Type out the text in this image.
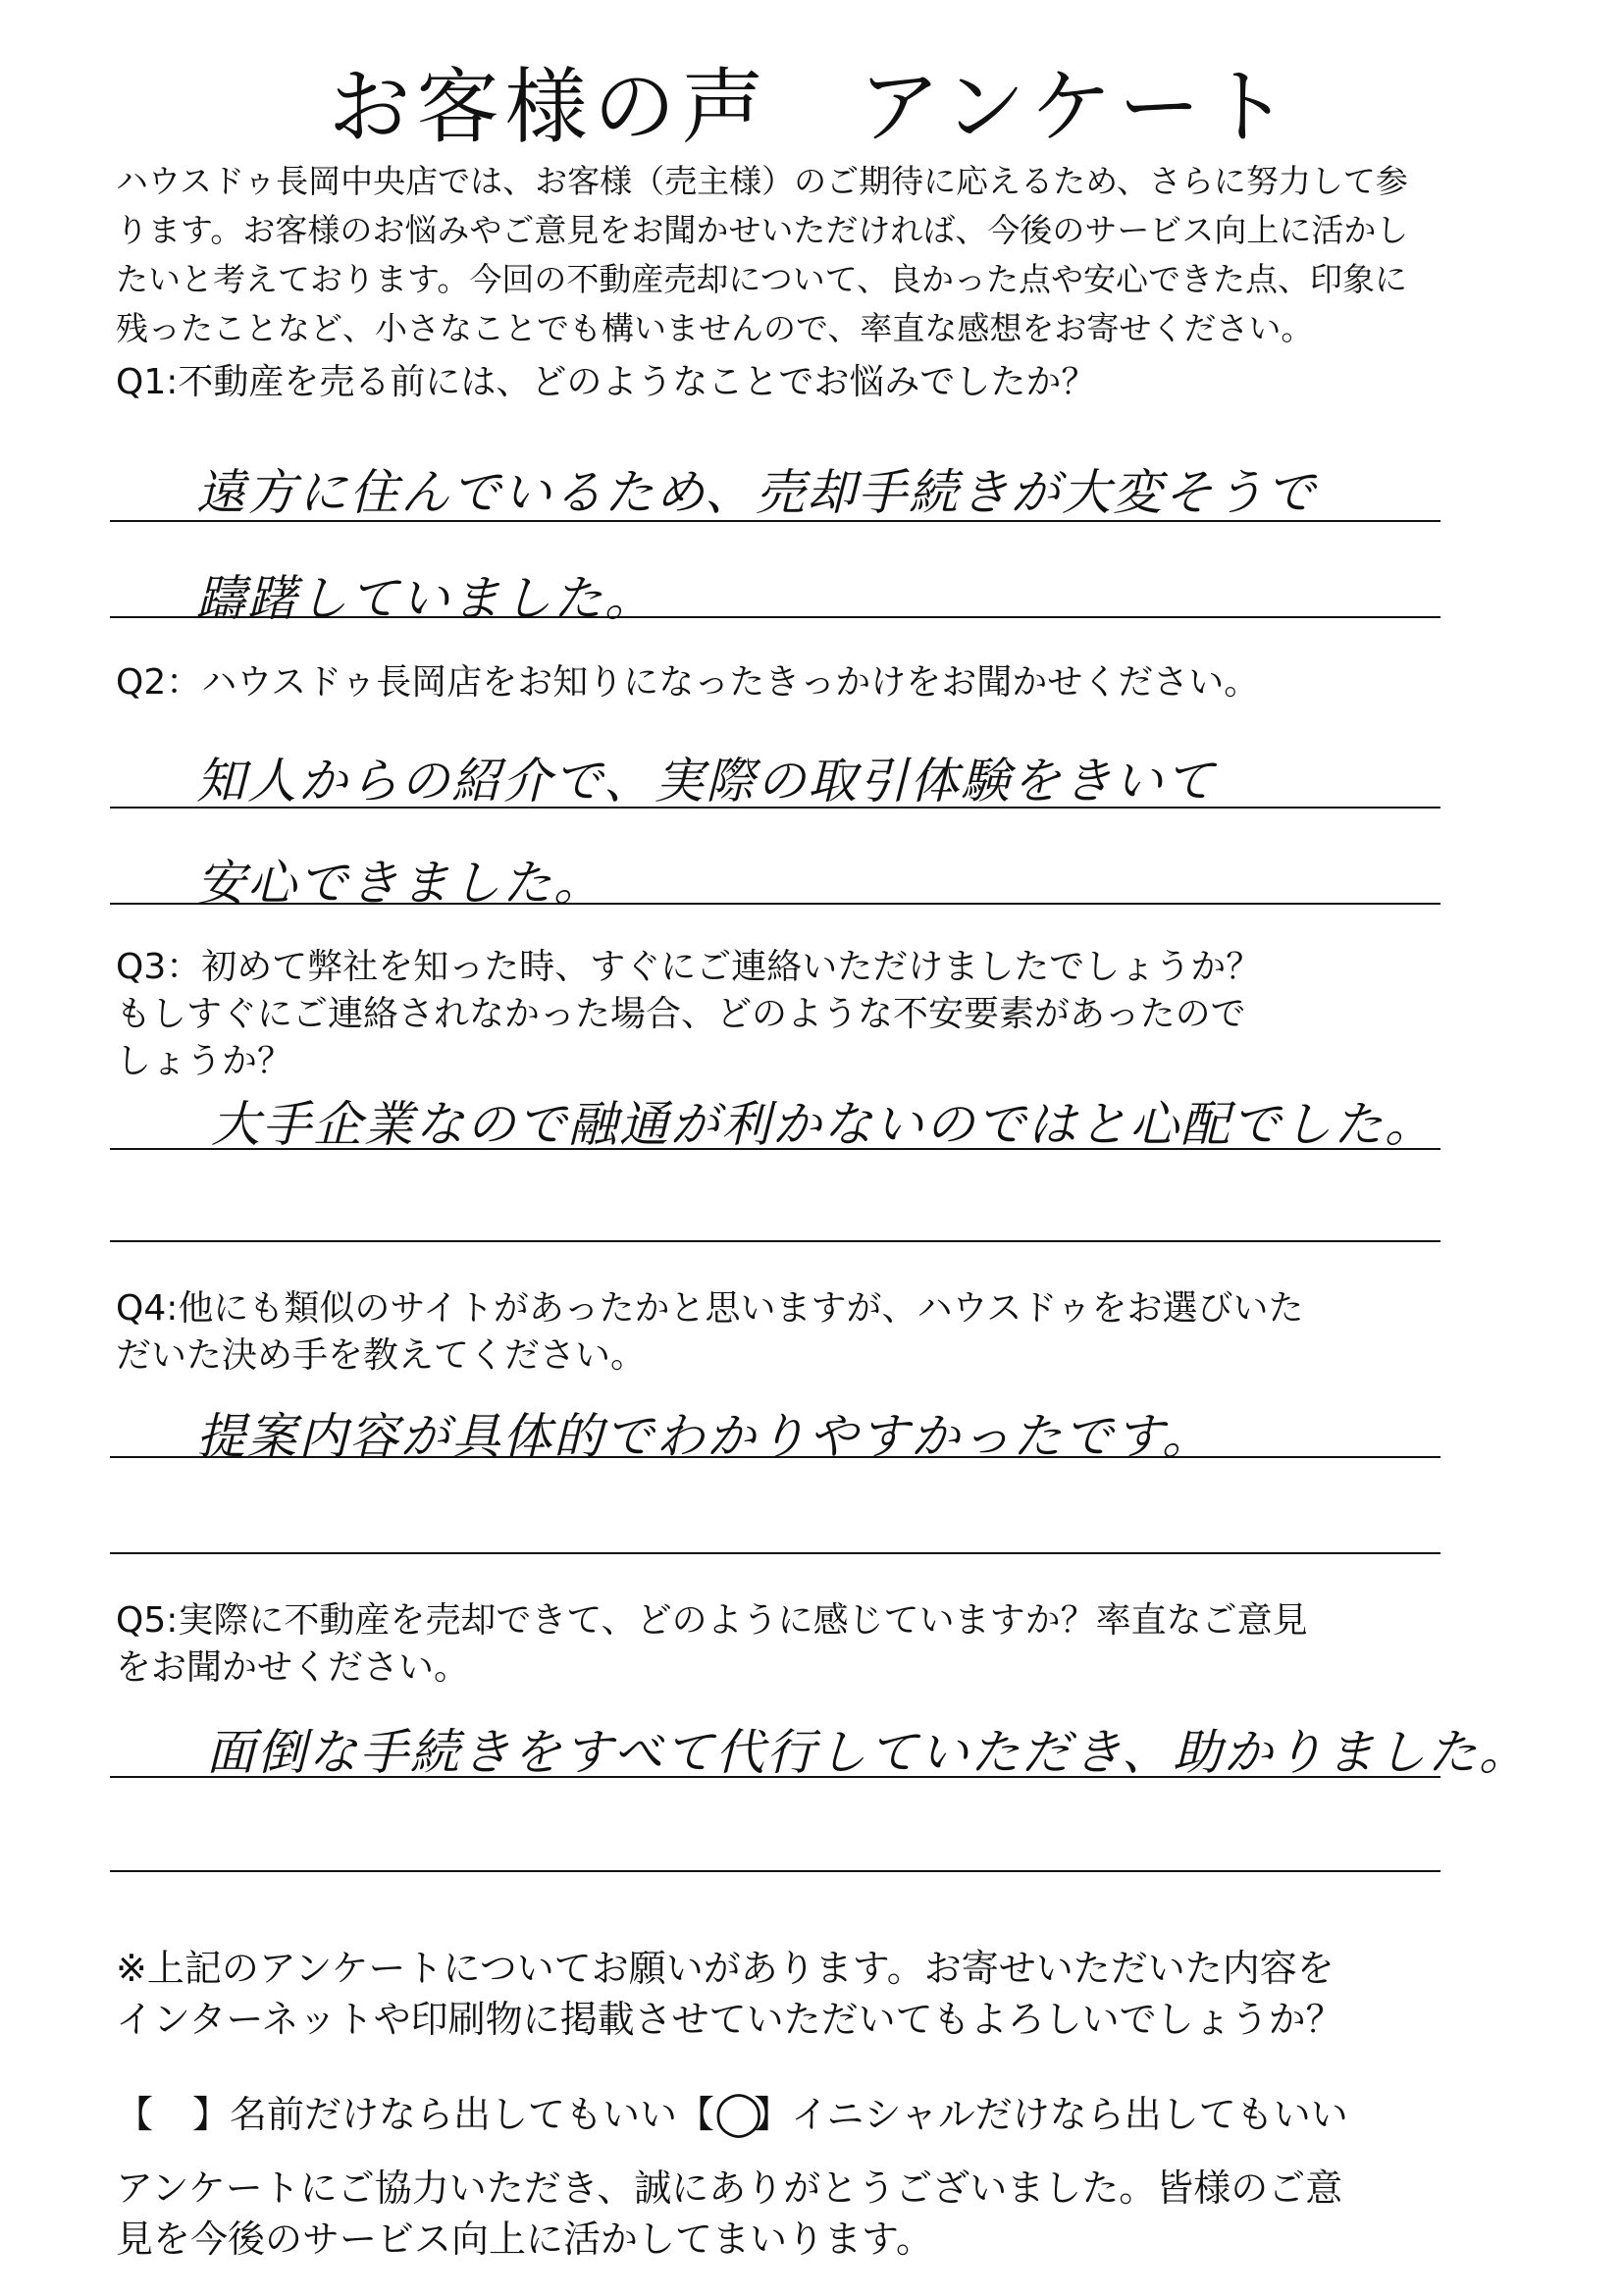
お客様の声　アンケート

ハウスドゥ長岡中央店では、お客様（売主様）のご期待に応えるため、さらに努力して参

ります。お客様のお悩みやご意見をお聞かせいただければ、今後のサービス向上に活かし

たいと考えております。今回の不動産売却について、良かった点や安心できた点、印象に

残ったことなど、小さなことでも構いませんので、率直な感想をお寄せください。

Q1:不動産を売る前には、どのようなことでお悩みでしたか？

遠方に住んでいるため、売却手続きが大変そうで
躊躇していました。

Q2：ハウスドゥ長岡店をお知りになったきっかけをお聞かせください。

知人からの紹介で、実際の取引体験をきいて
安心できました。

Q3：初めて弊社を知った時、すぐにご連絡いただけましたでしょうか？

もしすぐにご連絡されなかった場合、どのような不安要素があったので

しょうか？

大手企業なので融通が利かないのではと心配でした。

Q4:他にも類似のサイトがあったかと思いますが、ハウスドゥをお選びいた

だいた決め手を教えてください。

提案内容が具体的でわかりやすかったです。

Q5:実際に不動産を売却できて、どのように感じていますか？率直なご意見

をお聞かせください。

面倒な手続きをすべて代行していただき、助かりました。

※上記のアンケートについてお願いがあります。お寄せいただいた内容を

インターネットや印刷物に掲載させていただいてもよろしいでしょうか？

【 】名前だけなら出してもいい【◯】イニシャルだけなら出してもいい

アンケートにご協力いただき、誠にありがとうございました。皆様のご意

見を今後のサービス向上に活かしてまいります。
